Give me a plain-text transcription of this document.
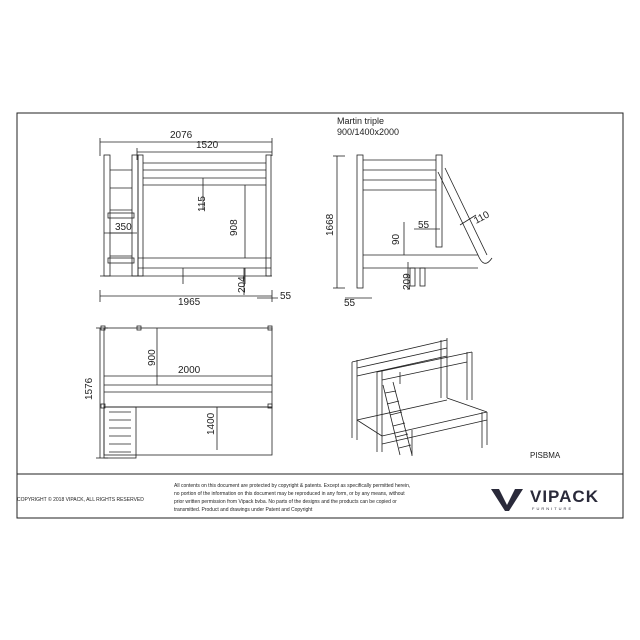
Martin triple
900/1400x2000
2076
1520
350
115
908
204
55
1965
1668
90
55	110
209
55
1576
900
2000
1400
PISBMA
COPYRIGHT © 2018 VIPACK, ALL RIGHTS RESERVED
All contents on this document are protected by copyright & patents. Except as specifically permitted herein,
no portion of the information on this document may be reproduced in any form, or by any means, without
prior written permission from Vipack bvba. No parts of the designs and the products can be copied or
transmitted. Product and drawings under Patent and Copyright
VIPACK
FURNITURE
